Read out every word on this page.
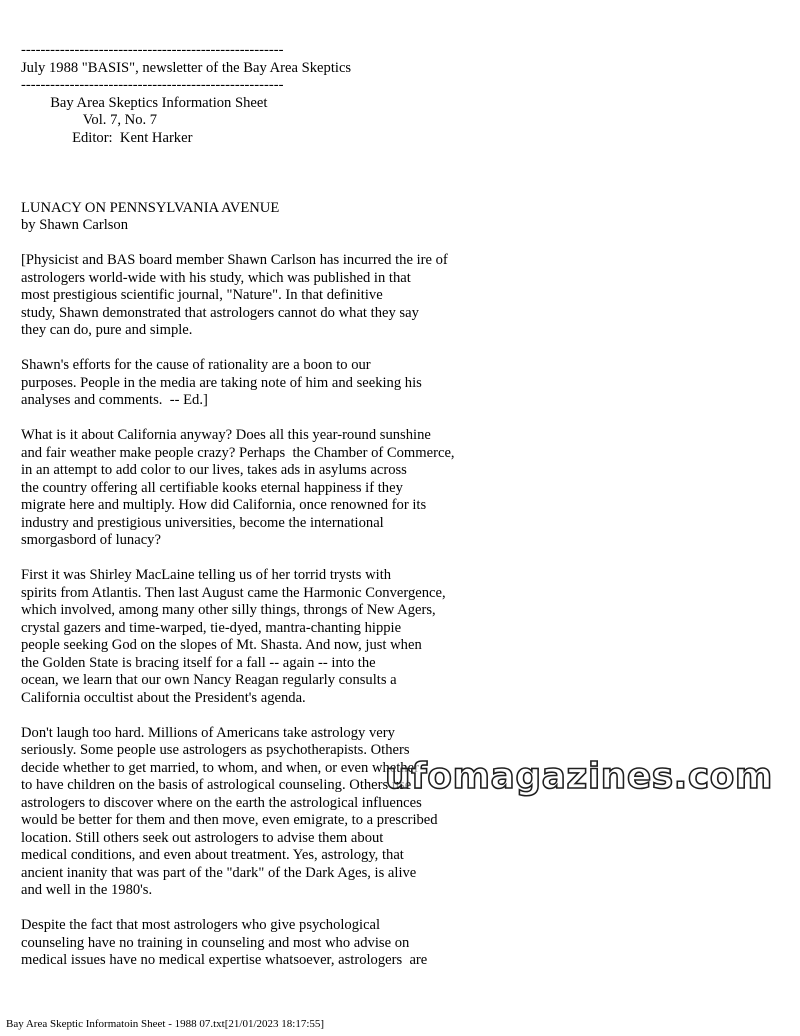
------------------------------------------------------
July 1988 "BASIS", newsletter of the Bay Area Skeptics
------------------------------------------------------
Bay Area Skeptics Information Sheet
Vol. 7, No. 7
Editor:  Kent Harker
LUNACY ON PENNSYLVANIA AVENUE
by Shawn Carlson
[Physicist and BAS board member Shawn Carlson has incurred the ire of
astrologers world-wide with his study, which was published in that
most prestigious scientific journal, "Nature". In that definitive
study, Shawn demonstrated that astrologers cannot do what they say
they can do, pure and simple.
Shawn's efforts for the cause of rationality are a boon to our
purposes. People in the media are taking note of him and seeking his
analyses and comments.  -- Ed.]
What is it about California anyway? Does all this year-round sunshine
and fair weather make people crazy? Perhaps  the Chamber of Commerce,
in an attempt to add color to our lives, takes ads in asylums across
the country offering all certifiable kooks eternal happiness if they
migrate here and multiply. How did California, once renowned for its
industry and prestigious universities, become the international
smorgasbord of lunacy?
First it was Shirley MacLaine telling us of her torrid trysts with
spirits from Atlantis. Then last August came the Harmonic Convergence,
which involved, among many other silly things, throngs of New Agers,
crystal gazers and time-warped, tie-dyed, mantra-chanting hippie
people seeking God on the slopes of Mt. Shasta. And now, just when
the Golden State is bracing itself for a fall -- again -- into the
ocean, we learn that our own Nancy Reagan regularly consults a
California occultist about the President's agenda.
Don't laugh too hard. Millions of Americans take astrology very
seriously. Some people use astrologers as psychotherapists. Others
decide whether to get married, to whom, and when, or even whether
to have children on the basis of astrological counseling. Others use
astrologers to discover where on the earth the astrological influences
would be better for them and then move, even emigrate, to a prescribed
location. Still others seek out astrologers to advise them about
medical conditions, and even about treatment. Yes, astrology, that
ancient inanity that was part of the "dark" of the Dark Ages, is alive
and well in the 1980's.
Despite the fact that most astrologers who give psychological
counseling have no training in counseling and most who advise on
medical issues have no medical expertise whatsoever, astrologers  are
ufomagazines.com
Bay Area Skeptic Informatoin Sheet - 1988 07.txt[21/01/2023 18:17:55]
